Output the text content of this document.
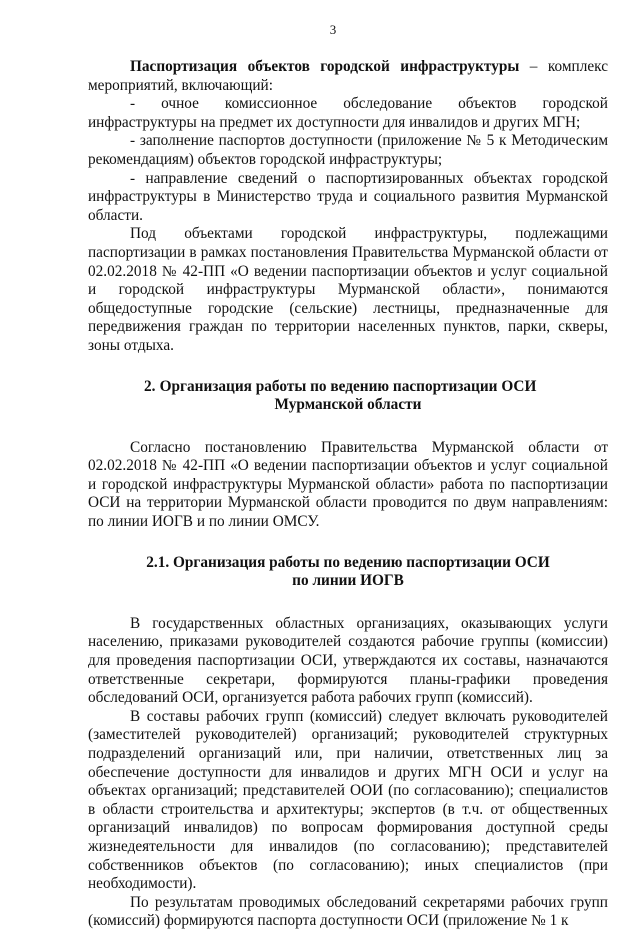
3

Паспортизация объектов городской инфраструктуры – комплекс мероприятий, включающий:

- очное комиссионное обследование объектов городской инфраструктуры на предмет их доступности для инвалидов и других МГН;

- заполнение паспортов доступности (приложение № 5 к Методическим рекомендациям) объектов городской инфраструктуры;

- направление сведений о паспортизированных объектах городской инфраструктуры в Министерство труда и социального развития Мурманской области.

Под объектами городской инфраструктуры, подлежащими паспортизации в рамках постановления Правительства Мурманской области от 02.02.2018 № 42-ПП «О ведении паспортизации объектов и услуг социальной и городской инфраструктуры Мурманской области», понимаются общедоступные городские (сельские) лестницы, предназначенные для передвижения граждан по территории населенных пунктов, парки, скверы, зоны отдыха.

2. Организация работы по ведению паспортизации ОСИ
Мурманской области

Согласно постановлению Правительства Мурманской области от 02.02.2018 № 42-ПП «О ведении паспортизации объектов и услуг социальной и городской инфраструктуры Мурманской области» работа по паспортизации ОСИ на территории Мурманской области проводится по двум направлениям: по линии ИОГВ и по линии ОМСУ.

2.1. Организация работы по ведению паспортизации ОСИ
по линии ИОГВ

В государственных областных организациях, оказывающих услуги населению, приказами руководителей создаются рабочие группы (комиссии) для проведения паспортизации ОСИ, утверждаются их составы, назначаются ответственные секретари, формируются планы-графики проведения обследований ОСИ, организуется работа рабочих групп (комиссий).

В составы рабочих групп (комиссий) следует включать руководителей (заместителей руководителей) организаций; руководителей структурных подразделений организаций или, при наличии, ответственных лиц за обеспечение доступности для инвалидов и других МГН ОСИ и услуг на объектах организаций; представителей ООИ (по согласованию); специалистов в области строительства и архитектуры; экспертов (в т.ч. от общественных организаций инвалидов) по вопросам формирования доступной среды жизнедеятельности для инвалидов (по согласованию); представителей собственников объектов (по согласованию); иных специалистов (при необходимости).

По результатам проводимых обследований секретарями рабочих групп (комиссий) формируются паспорта доступности ОСИ (приложение № 1 к
